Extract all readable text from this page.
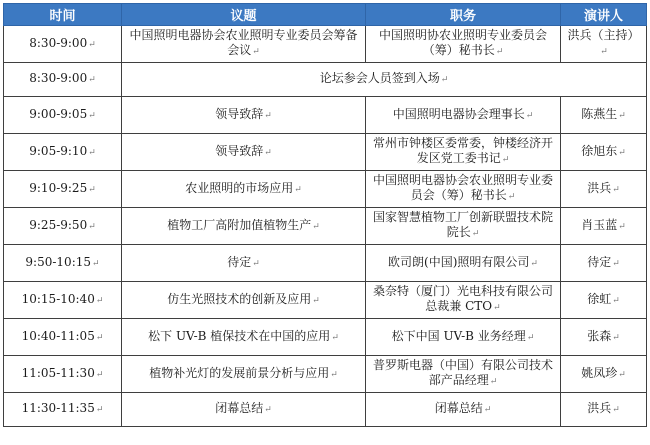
时间	议题	职务	演讲人
8:30-9:00↵	中国照明电器协会农业照明专业委员会筹备会议↵	中国照明协农业照明专业委员会（筹）秘书长↵	洪兵（主持）↵
8:30-9:00↵	论坛参会人员签到入场↵		
9:00-9:05↵	领导致辞↵	中国照明电器协会理事长↵	陈燕生↵
9:05-9:10↵	领导致辞↵	常州市钟楼区委常委，钟楼经济开发区党工委书记↵	徐旭东↵
9:10-9:25↵	农业照明的市场应用↵	中国照明电器协会农业照明专业委员会（筹）秘书长↵	洪兵↵
9:25-9:50↵	植物工厂高附加值植物生产↵	国家智慧植物工厂创新联盟技术院院长↵	肖玉蓝↵
9:50-10:15↵	待定↵	欧司朗(中国)照明有限公司↵	待定↵
10:15-10:40↵	仿生光照技术的创新及应用↵	桑奈特（厦门）光电科技有限公司总裁兼 CTO↵	徐虹↵
10:40-11:05↵	松下 UV-B 植保技术在中国的应用↵	松下中国 UV-B 业务经理↵	张森↵
11:05-11:30↵	植物补光灯的发展前景分析与应用↵	普罗斯电器（中国）有限公司技术部产品经理↵	姚凤珍↵
11:30-11:35↵	闭幕总结↵	闭幕总结↵	洪兵↵
